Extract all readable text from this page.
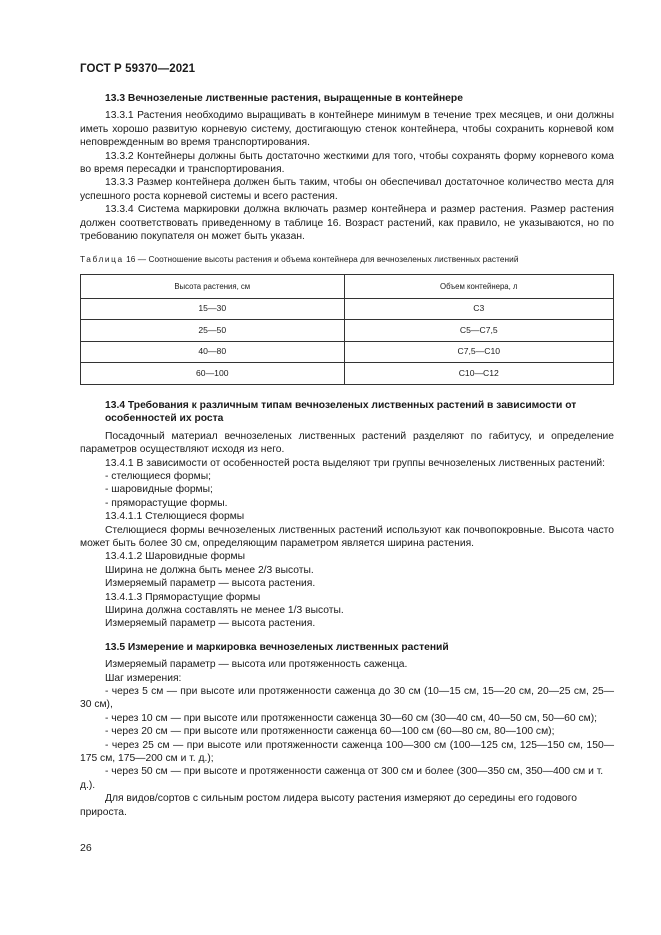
ГОСТ Р 59370—2021
13.3 Вечнозеленые лиственные растения, выращенные в контейнере

13.3.1 Растения необходимо выращивать в контейнере минимум в течение трех месяцев, и они должны иметь хорошо развитую корневую систему, достигающую стенок контейнера, чтобы сохранить корневой ком неповрежденным во время транспортирования.

13.3.2 Контейнеры должны быть достаточно жесткими для того, чтобы сохранять форму корневого кома во время пересадки и транспортирования.

13.3.3 Размер контейнера должен быть таким, чтобы он обеспечивал достаточное количество места для успешного роста корневой системы и всего растения.

13.3.4 Система маркировки должна включать размер контейнера и размер растения. Размер растения должен соответствовать приведенному в таблице 16. Возраст растений, как правило, не указываются, но по требованию покупателя он может быть указан.

Таблица 16 — Соотношение высоты растения и объема контейнера для вечнозеленых лиственных растений
Высота растения, см	Объем контейнера, л
15—30	C3
25—50	C5—C7,5
40—80	C7,5—C10
60—100	C10—C12
13.4 Требования к различным типам вечнозеленых лиственных растений в зависимости от особенностей их роста

Посадочный материал вечнозеленых лиственных растений разделяют по габитусу, и определение параметров осуществляют исходя из него.

13.4.1 В зависимости от особенностей роста выделяют три группы вечнозеленых лиственных растений:

- стелющиеся формы;

- шаровидные формы;

- пряморастущие формы.

13.4.1.1 Стелющиеся формы

Стелющиеся формы вечнозеленых лиственных растений используют как почвопокровные. Высота часто может быть более 30 см, определяющим параметром является ширина растения.

13.4.1.2 Шаровидные формы

Ширина не должна быть менее 2/3 высоты.

Измеряемый параметр — высота растения.

13.4.1.3 Пряморастущие формы

Ширина должна составлять не менее 1/3 высоты.

Измеряемый параметр — высота растения.

13.5 Измерение и маркировка вечнозеленых лиственных растений

Измеряемый параметр — высота или протяженность саженца.

Шаг измерения:

- через 5 см — при высоте или протяженности саженца до 30 см (10—15 см, 15—20 см, 20—25 см, 25—30 см),

- через 10 см — при высоте или протяженности саженца 30—60 см (30—40 см, 40—50 см, 50—60 см);

- через 20 см — при высоте или протяженности саженца 60—100 см (60—80 см, 80—100 см);

- через 25 см — при высоте или протяженности саженца 100—300 см (100—125 см, 125—150 см, 150—175 см, 175—200 см и т. д.);

- через 50 см — при высоте и протяженности саженца от 300 см и более (300—350 см, 350—400 см и т. д.).

Для видов/сортов с сильным ростом лидера высоту растения измеряют до середины его годового прироста.

26
